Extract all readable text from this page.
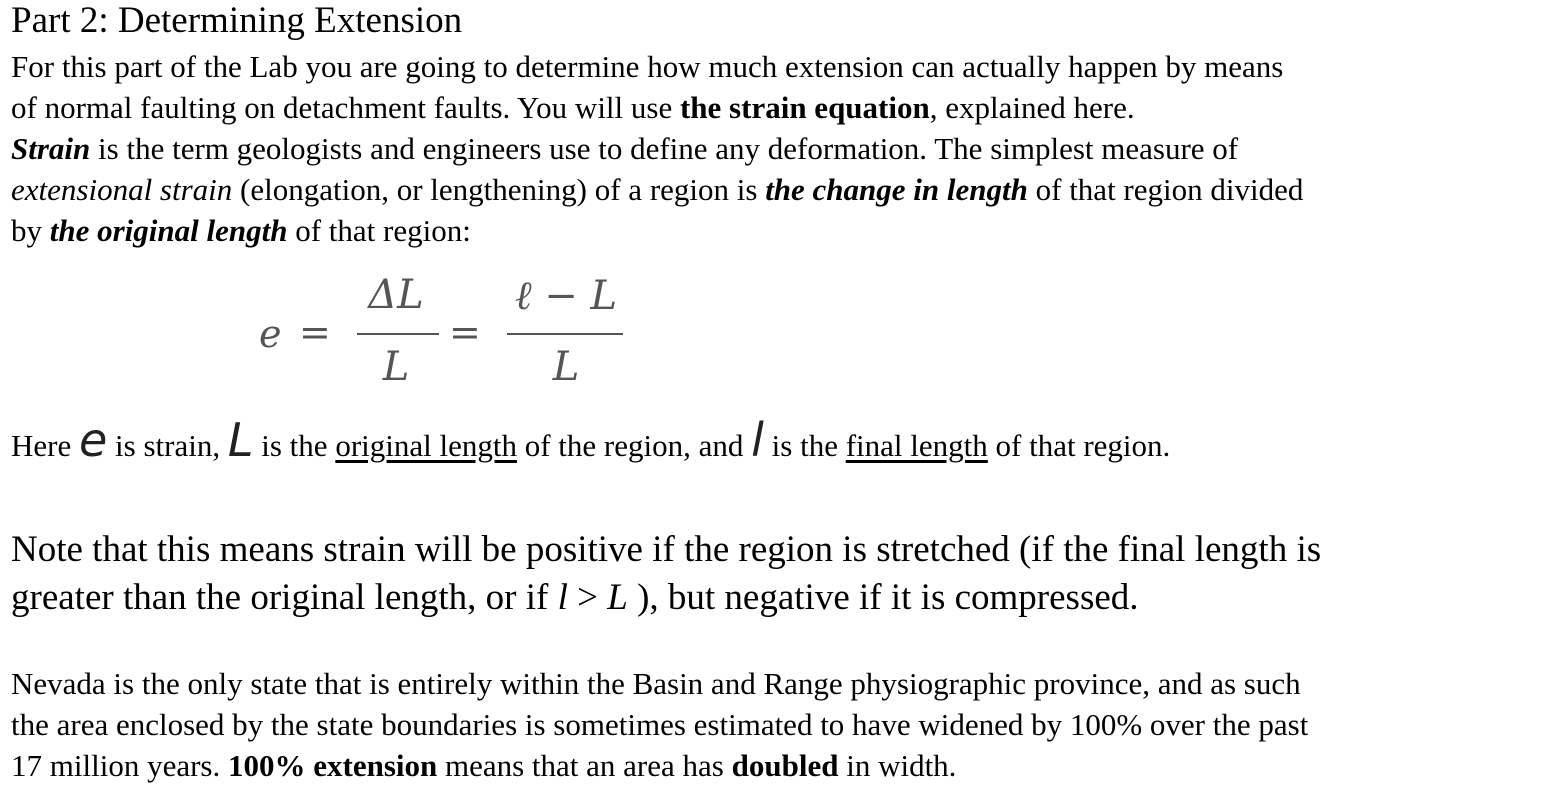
Part 2: Determining Extension
For this part of the Lab you are going to determine how much extension can actually happen by means
of normal faulting on detachment faults. You will use the strain equation, explained here.
Strain is the term geologists and engineers use to define any deformation. The simplest measure of
extensional strain (elongation, or lengthening) of a region is the change in length of that region divided
by the original length of that region:
e =
ΔL
L
=
ℓ − L
L
Here e is strain, L is the original length of the region, and l is the final length of that region.
Note that this means strain will be positive if the region is stretched (if the final length is
greater than the original length, or if l > L ), but negative if it is compressed.
Nevada is the only state that is entirely within the Basin and Range physiographic province, and as such
the area enclosed by the state boundaries is sometimes estimated to have widened by 100% over the past
17 million years. 100% extension means that an area has doubled in width.
